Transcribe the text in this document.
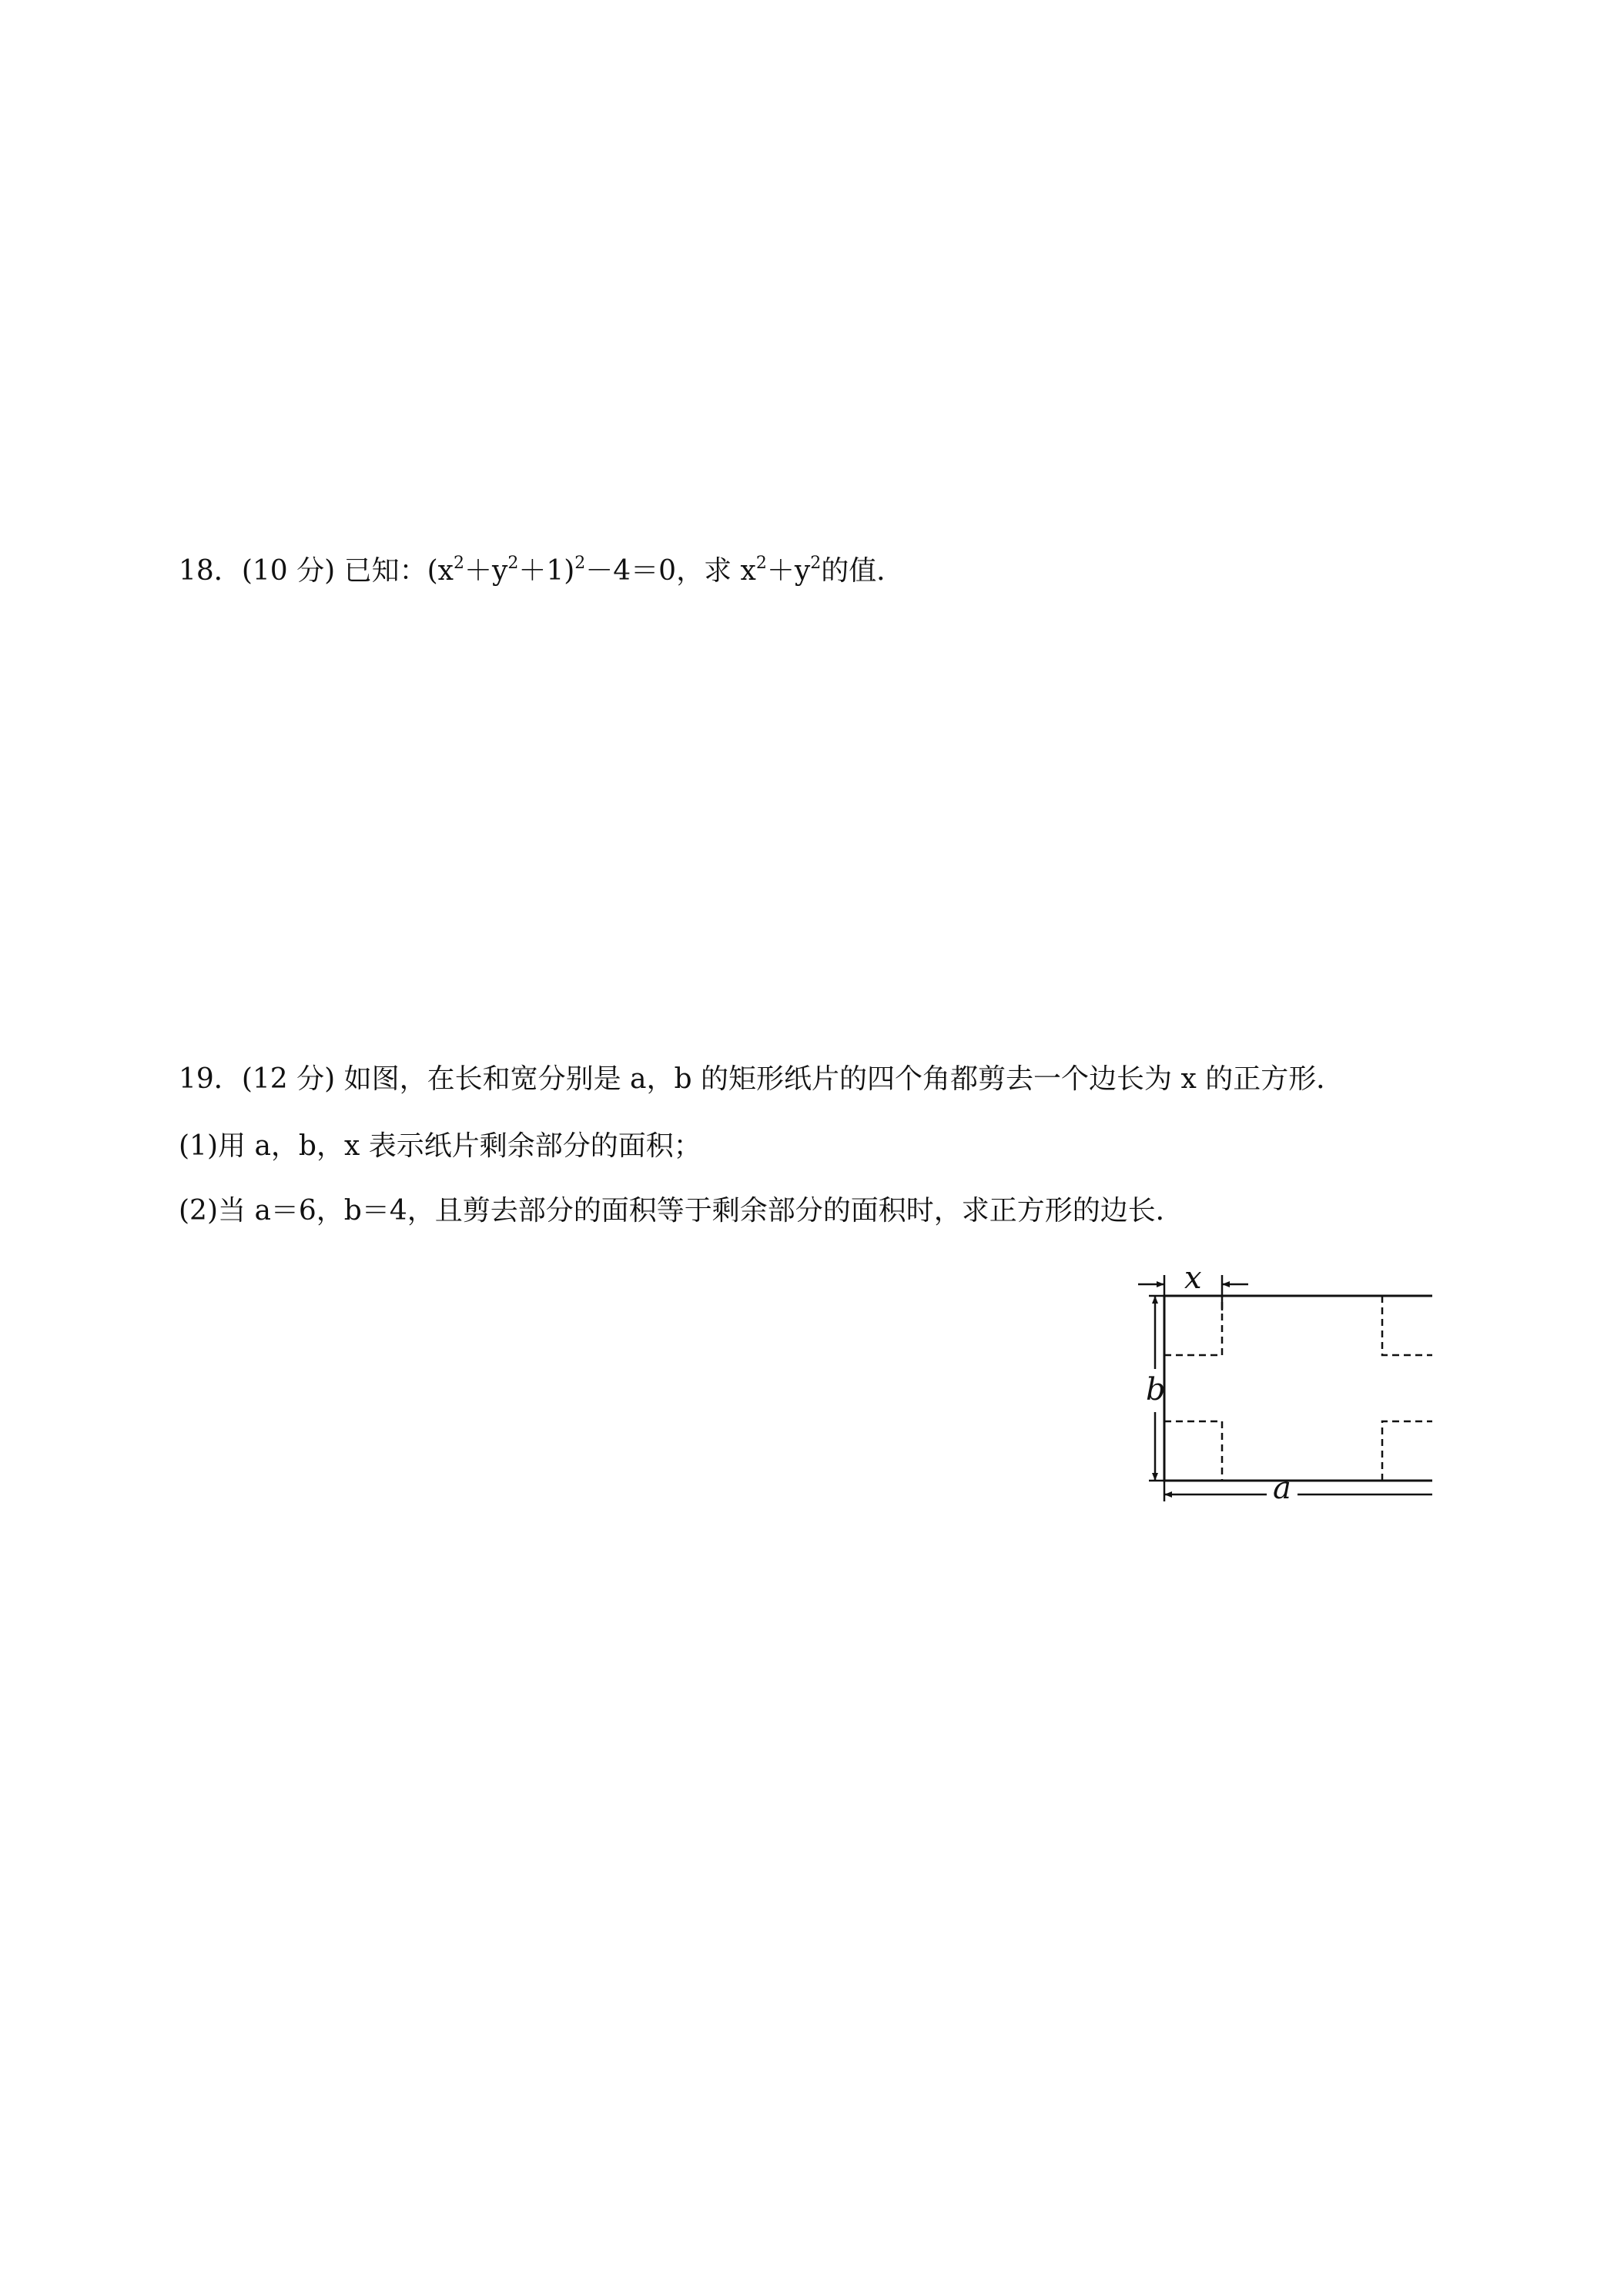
18．(10 分) 已知：$(x^2+y^2+1)^2-4=0$，求 $x^2+y^2$的值．
19．(12 分) 如图，在长和宽分别是 a，b 的矩形纸片的四个角都剪去一个边长为 x 的正方形．
(1)用 a，b，x 表示纸片剩余部分的面积；
(2)当 a＝6，b＝4，且剪去部分的面积等于剩余部分的面积时，求正方形的边长．
x
b
a
